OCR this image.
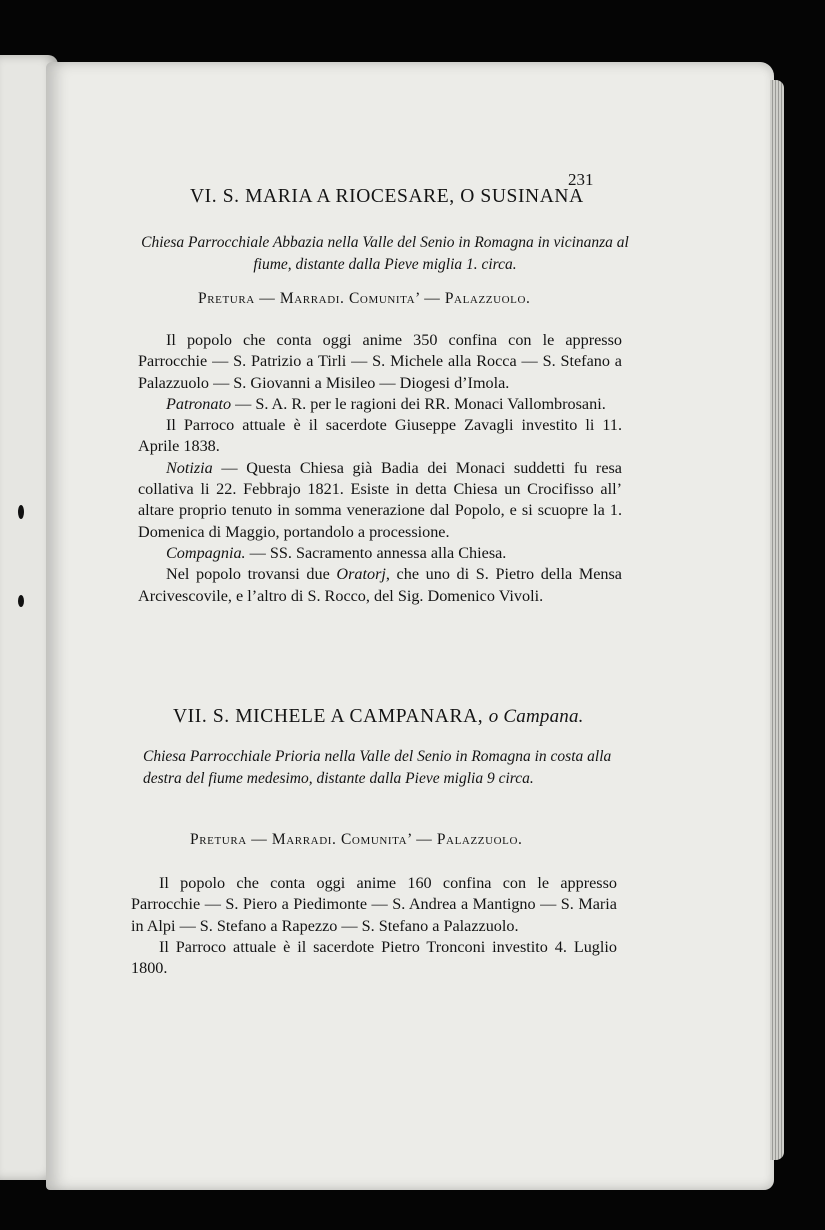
231
VI. S. MARIA A RIOCESARE, O SUSINANA
Chiesa Parrocchiale Abbazia nella Valle del Senio in Romagna in vicinanza al fiume, distante dalla Pieve miglia 1. circa.
Pretura — Marradi. Comunita’ — Palazzuolo.

Il popolo che conta oggi anime 350 confina con le appresso Parrocchie — S. Patrizio a Tirli — S. Michele alla Rocca — S. Stefano a Palazzuolo — S. Giovanni a Misileo — Diogesi d’Imola.

Patronato — S. A. R. per le ragioni dei RR. Monaci Vallombrosani.

Il Parroco attuale è il sacerdote Giuseppe Zavagli investito li 11. Aprile 1838.

Notizia — Questa Chiesa già Badia dei Monaci suddetti fu resa collativa li 22. Febbrajo 1821. Esiste in detta Chiesa un Crocifisso all’ altare proprio tenuto in somma venerazione dal Popolo, e si scuopre la 1. Domenica di Maggio, portandolo a processione.

Compagnia. — SS. Sacramento annessa alla Chiesa.

Nel popolo trovansi due Oratorj, che uno di S. Pietro della Mensa Arcivescovile, e l’altro di S. Rocco, del Sig. Domenico Vivoli.

VII. S. MICHELE A CAMPANARA, o Campana.
Chiesa Parrocchiale Prioria nella Valle del Senio in Romagna in costa alla destra del fiume medesimo, distante dalla Pieve miglia 9 circa.
Pretura — Marradi. Comunita’ — Palazzuolo.

Il popolo che conta oggi anime 160 confina con le appresso Parrocchie — S. Piero a Piedimonte — S. Andrea a Mantigno — S. Maria in Alpi — S. Stefano a Rapezzo — S. Stefano a Palazzuolo.

Il Parroco attuale è il sacerdote Pietro Tronconi investito 4. Luglio 1800.
